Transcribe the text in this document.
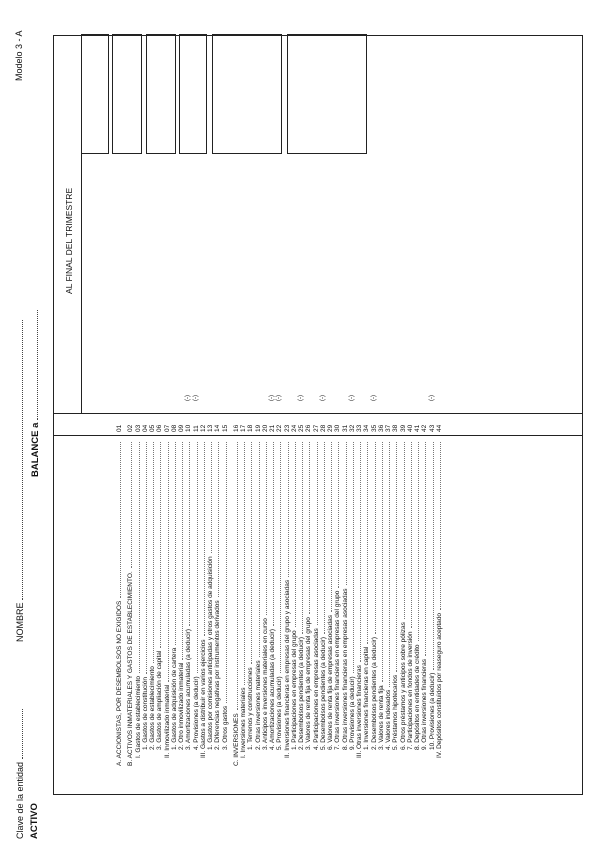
Clave de la entidad
NOMBRE
Modelo 3 - A
ACTIVO
BALANCE a
AL FINAL DEL TRIMESTRE
A. ACCIONISTAS, POR DESEMBOLSOS NO EXIGIDOS
01
B. ACTIVOS INMATERIALES Y GASTOS DE ESTABLECIMIENTO.
02
I. Gastos de establecimiento
03
1. Gastos de constitución
04
2. Gastos de establecimiento
05
3. Gastos de ampliación de capital
06
II. Inmovilizado inmaterial
07
1. Gastos de adquisición de cartera
08
2. Otro inmovilizado inmaterial
09
3. Amortizaciones acumuladas (a deducir)
10
(-)
4. Provisiones (a deducir)
11
(-)
III. Gastos a distribuir en varios ejercicios
12
1. Gastos por comisiones anticipadas y otros gastos de adquisición
13
2. Diferencias negativas por instrumentos derivados
14
3. Otros gastos
15
C. INVERSIONES
16
I. Inversiones materiales
17
1. Terrenos y construcciones
18
2. Otras inversiones materiales
19
3. Anticipos e inversiones materiales en curso
20
4. Amortizaciones acumuladas (a deducir)
21
(-)
5. Provisiones (a deducir)
22
(-)
II. Inversiones financieras en empresas del grupo y asociadas
23
1. Participaciones en empresas del grupo
24
2. Desembolsos pendientes (a deducir)
25
(-)
3. Valores de renta fija de empresas del grupo
26
4. Participaciones en empresas asociadas
27
5. Desembolsos pendientes (a deducir)
28
(-)
6. Valores de renta fija de empresas asociadas
29
7. Otras inversiones financieras en empresas del grupo
30
8. Otras inversiones financieras en empresas asociadas
31
9. Provisiones (a deducir)
32
(-)
III. Otras inversiones financieras
33
1. Inversiones financieras en capital
34
2. Desembolsos pendientes (a deducir)
35
(-)
3. Valores de renta fija
36
4. Valores indexados
37
5. Préstamos hipotecarios
38
6. Otros préstamos y anticipos sobre pólizas
39
7. Participaciones en fondos de inversión
40
8. Depósitos en entidades de crédito
41
9. Otras inversiones financieras
42
10. Provisiones (a deducir)
43
(-)
IV. Depósitos constituidos por reaseguro aceptado
44
